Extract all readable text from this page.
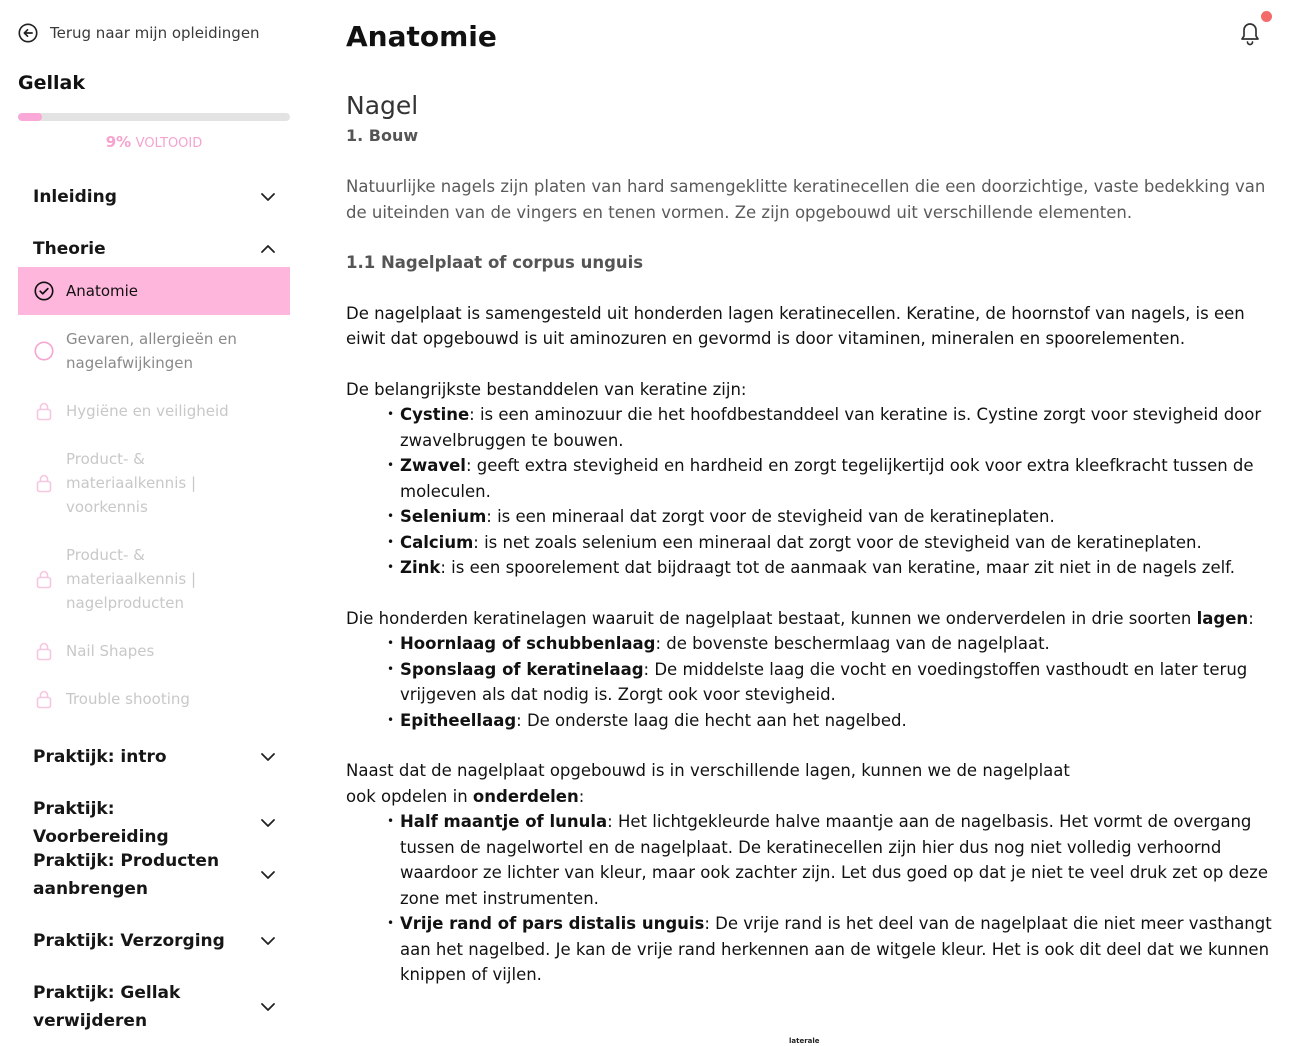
Terug naar mijn opleidingen
Gellak
9% VOLTOOID
Inleiding
Theorie
Anatomie
Gevaren, allergieën en nagelafwijkingen
Hygiëne en veiligheid
Product- & materiaalkennis | voorkennis
Product- & materiaalkennis | nagelproducten
Nail Shapes
Trouble shooting
Praktijk: intro
Praktijk: Voorbereiding
Praktijk: Producten aanbrengen
Praktijk: Verzorging
Praktijk: Gellak verwijderen
Anatomie
Nagel
1. Bouw

Natuurlijke nagels zijn platen van hard samengeklitte keratinecellen die een doorzichtige, vaste bedekking van de uiteinden van de vingers en tenen vormen. Ze zijn opgebouwd uit verschillende elementen.

1.1 Nagelplaat of corpus unguis

De nagelplaat is samengesteld uit honderden lagen keratinecellen. Keratine, de hoornstof van nagels, is een eiwit dat opgebouwd is uit aminozuren en gevormd is door vitaminen, mineralen en spoorelementen.

De belangrijkste bestanddelen van keratine zijn:

• Cystine: is een aminozuur die het hoofdbestanddeel van keratine is. Cystine zorgt voor stevigheid door zwavelbruggen te bouwen.
• Zwavel: geeft extra stevigheid en hardheid en zorgt tegelijkertijd ook voor extra kleefkracht tussen de moleculen.
• Selenium: is een mineraal dat zorgt voor de stevigheid van de keratineplaten.
• Calcium: is net zoals selenium een mineraal dat zorgt voor de stevigheid van de keratineplaten.
• Zink: is een spoorelement dat bijdraagt tot de aanmaak van keratine, maar zit niet in de nagels zelf.

Die honderden keratinelagen waaruit de nagelplaat bestaat, kunnen we onderverdelen in drie soorten lagen:

• Hoornlaag of schubbenlaag: de bovenste beschermlaag van de nagelplaat.
• Sponslaag of keratinelaag: De middelste laag die vocht en voedingstoffen vasthoudt en later terug vrijgeven als dat nodig is. Zorgt ook voor stevigheid.
• Epitheellaag: De onderste laag die hecht aan het nagelbed.

Naast dat de nagelplaat opgebouwd is in verschillende lagen, kunnen we de nagelplaat
ook opdelen in onderdelen:

• Half maantje of lunula: Het lichtgekleurde halve maantje aan de nagelbasis. Het vormt de overgang tussen de nagelwortel en de nagelplaat. De keratinecellen zijn hier dus nog niet volledig verhoornd waardoor ze lichter van kleur, maar ook zachter zijn. Let dus goed op dat je niet te veel druk zet op deze zone met instrumenten.
• Vrije rand of pars distalis unguis: De vrije rand is het deel van de nagelplaat die niet meer vasthangt aan het nagelbed. Je kan de vrije rand herkennen aan de witgele kleur. Het is ook dit deel dat we kunnen knippen of vijlen.
laterale
